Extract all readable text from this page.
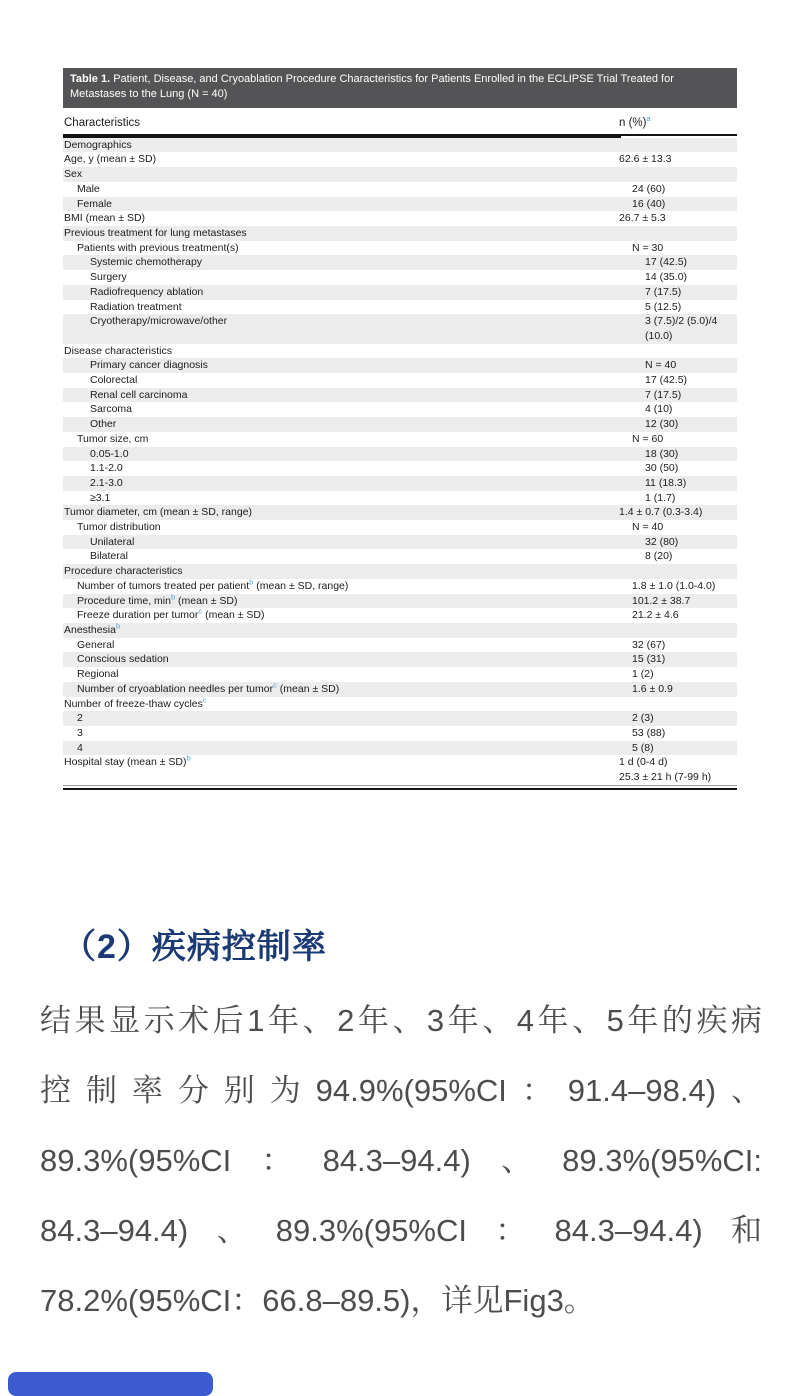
Table 1. Patient, Disease, and Cryoablation Procedure Characteristics for Patients Enrolled in the ECLIPSE Trial Treated for Metastases to the Lung (N = 40)
Characteristics	n (%)$^a$
Demographics
Age, y (mean ± SD)	62.6 ± 13.3
Sex
Male	24 (60)
Female	16 (40)
BMI (mean ± SD)	26.7 ± 5.3
Previous treatment for lung metastases
Patients with previous treatment(s)	N = 30
Systemic chemotherapy	17 (42.5)
Surgery	14 (35.0)
Radiofrequency ablation	7 (17.5)
Radiation treatment	5 (12.5)
Cryotherapy/microwave/other	3 (7.5)/2 (5.0)/4 (10.0)
Disease characteristics
Primary cancer diagnosis	N = 40
Colorectal	17 (42.5)
Renal cell carcinoma	7 (17.5)
Sarcoma	4 (10)
Other	12 (30)
Tumor size, cm	N = 60
0.05-1.0	18 (30)
1.1-2.0	30 (50)
2.1-3.0	11 (18.3)
≥3.1	1 (1.7)
Tumor diameter, cm (mean ± SD, range)	1.4 ± 0.7 (0.3-3.4)
Tumor distribution	N = 40
Unilateral	32 (80)
Bilateral	8 (20)
Procedure characteristics
Number of tumors treated per patient$^b$ (mean ± SD, range)	1.8 ± 1.0 (1.0-4.0)
Procedure time, $\min^b$ (mean ± SD)	101.2 ± 38.7
Freeze duration per tumor$^c$ (mean ± SD)	21.2 ± 4.6
Anesthesia$^b$
General	32 (67)
Conscious sedation	15 (31)
Regional	1 (2)
Number of cryoablation needles per tumor$^c$ (mean ± SD)	1.6 ± 0.9
Number of freeze-thaw cycles$^c$
2	2 (3)
3	53 (88)
4	5 (8)
Hospital stay (mean ± SD)$^b$	1 d (0-4 d)
25.3 ± 21 h (7-99 h)
（2）疾病控制率
结果显示术后1年、2年、3年、4年、5年的疾病
控制率分别为94.9%(95%CI：91.4–98.4)、
89.3%(95%CI：84.3–94.4)、89.3%(95%CI:
84.3–94.4)、89.3%(95%CI：84.3–94.4)和
78.2%(95%CI：66.8–89.5)，详见Fig3。
